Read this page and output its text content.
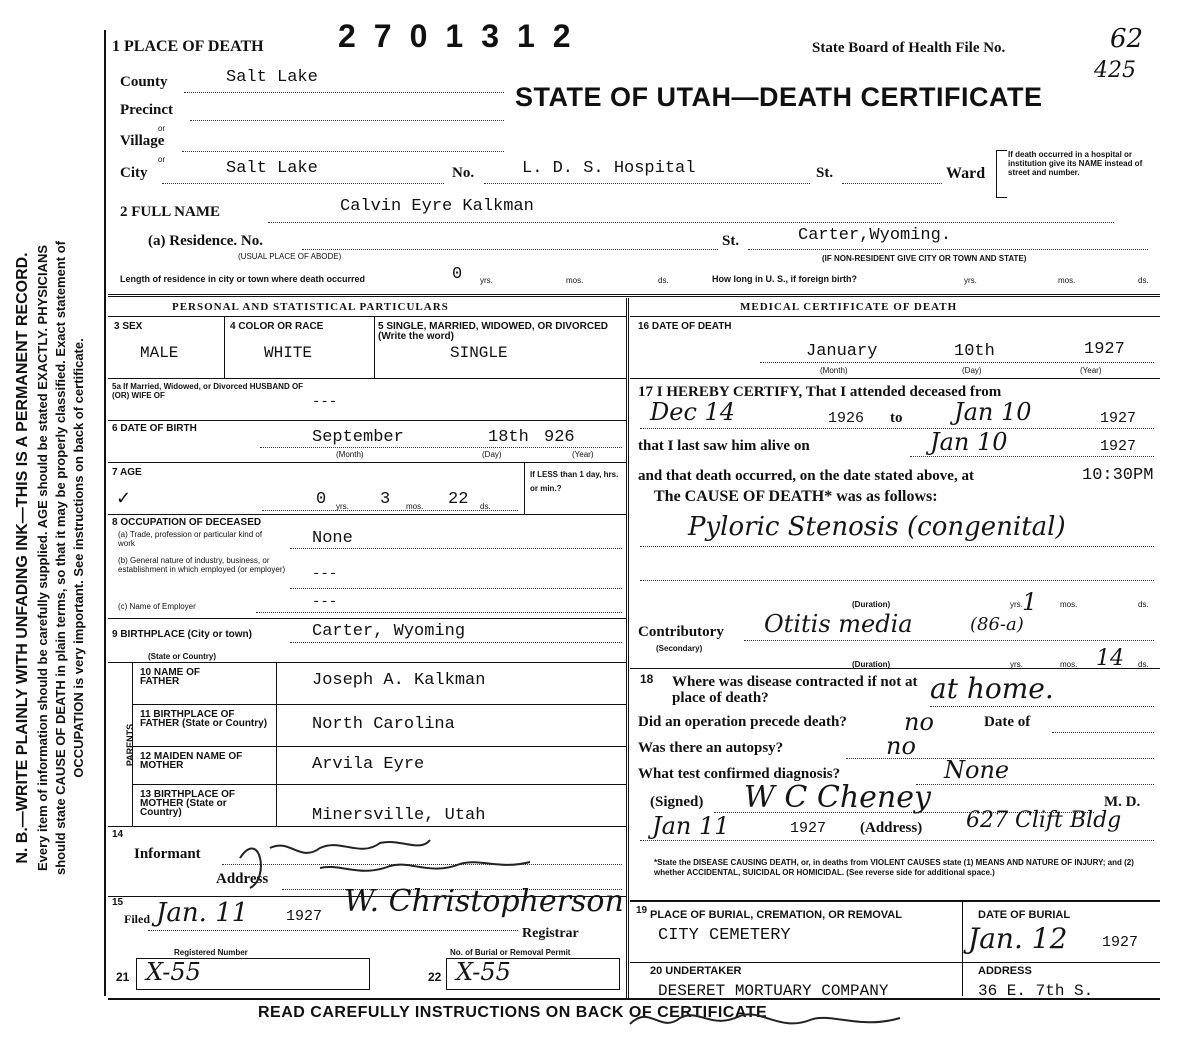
N. B.—WRITE PLAINLY WITH UNFADING INK—THIS IS A PERMANENT RECORD. Every item of information should be carefully supplied. AGE should be stated EXACTLY. PHYSICIANS should state CAUSE OF DEATH in plain terms, so that it may be properly classified. Exact statement of OCCUPATION is very important. See instructions on back of certificate.
1 PLACE OF DEATH 2701312	State Board of Health File No.	62
425
STATE OF UTAH—DEATH CERTIFICATE
County	Salt Lake
Precinct
or
Village
or
City	Salt Lake	No.	L. D. S. Hospital	St.	Ward
If death occurred in a hospital or institution give its NAME instead of street and number.
2 FULL NAME	Calvin Eyre Kalkman
(a) Residence. No.
(USUAL PLACE OF ABODE)
St.	Carter,Wyoming.
(IF NON-RESIDENT GIVE CITY OR TOWN AND STATE)
Length of residence in city or town where death occurred	0 yrs.	mos.	ds.	How long in U. S., if foreign birth?	yrs.	mos.	ds.
PERSONAL AND STATISTICAL PARTICULARS
3 SEX
MALE
4 COLOR OR RACE
WHITE
5 SINGLE, MARRIED, WIDOWED, OR DIVORCED (Write the word)
SINGLE
5a If Married, Widowed, or Divorced HUSBAND OF (OR) WIFE OF	---
6 DATE OF BIRTH	September	18th 926
(Month)	(Day)	(Year)
7 AGE
✓	0 yrs. 3 mos. 22 ds.
If LESS than 1 day, hrs. or min.?
8 OCCUPATION OF DECEASED
(a) Trade, profession or particular kind of work	None
(b) General nature of industry, business, or establishment in which employed (or employer) ---
(c) Name of Employer	---
9 BIRTHPLACE (City or town)
(State or Country)
Carter, Wyoming
PARENTS
10 NAME OF FATHER	Joseph A. Kalkman
11 BIRTHPLACE OF FATHER (State or Country)	North Carolina
12 MAIDEN NAME OF MOTHER	Arvila Eyre
13 BIRTHPLACE OF MOTHER (State or Country)	Minersville, Utah
14
Informant
Address
15
Filed Jan. 11	1927 W. Christopherson
Registrar
Registered Number	No. of Burial or Removal Permit
21 X-55	22 X-55
MEDICAL CERTIFICATE OF DEATH
16 DATE OF DEATH
January	10th	1927
(Month)	(Day)	(Year)
17 I HEREBY CERTIFY, That I attended deceased from
Dec 14	1926 to Jan 10	1927
that I last saw him alive on	Jan 10	1927
and that death occurred, on the date stated above, at	10:30PM
The CAUSE OF DEATH* was as follows:
Pyloric Stenosis (congenital)
(Duration)	1
yrs.	mos.	ds.
Contributory
(Secondary)
Otitis media	(86-a)
(Duration)	14
yrs.	mos.	ds.
18 Where was disease contracted if not at place of death?	at home.
Did an operation precede death? no	Date of
Was there an autopsy?	no
What test confirmed diagnosis?	None
(Signed) W C Cheney	M. D.
Jan 11	1927 (Address) 627 Clift Bldg
*State the DISEASE CAUSING DEATH, or, in deaths from VIOLENT CAUSES state (1) MEANS AND NATURE OF INJURY; and (2) whether ACCIDENTAL, SUICIDAL OR HOMICIDAL. (See reverse side for additional space.)
19 PLACE OF BURIAL, CREMATION, OR REMOVAL
CITY CEMETERY
DATE OF BURIAL
Jan. 12 1927
20 UNDERTAKER
DESERET MORTUARY COMPANY
ADDRESS
36 E. 7th S.
READ CAREFULLY INSTRUCTIONS ON BACK OF CERTIFICATE
